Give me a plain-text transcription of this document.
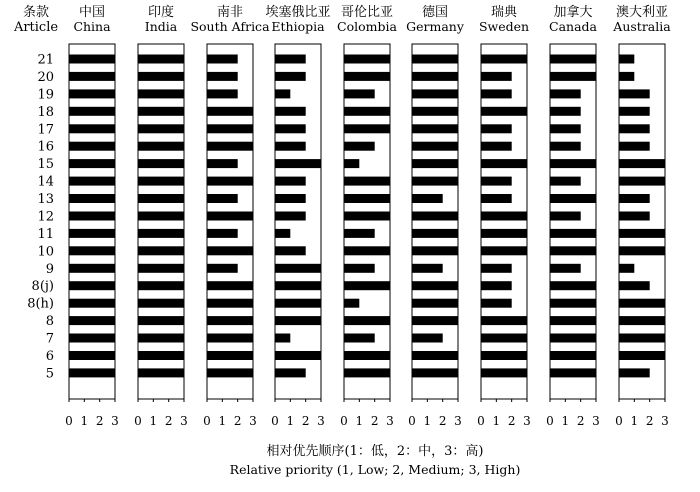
条款
Article
21
20
19
18
17
16
15
14
13
12
11
10
9
8(j)
8(h)
8
7
6
5
中国
China
0 1 2 3
印度
India
0 1 2 3
南非
South Africa
0 1 2 3
埃塞俄比亚
Ethiopia
0 1 2 3
哥伦比亚
Colombia
0 1 2 3
德国
Germany
0 1 2 3
瑞典
Sweden
0 1 2 3
加拿大
Canada
0 1 2 3
澳大利亚
Australia
0 1 2 3
相对优先顺序(1：低，2：中，3：高)
Relative priority (1, Low; 2, Medium; 3, High)
